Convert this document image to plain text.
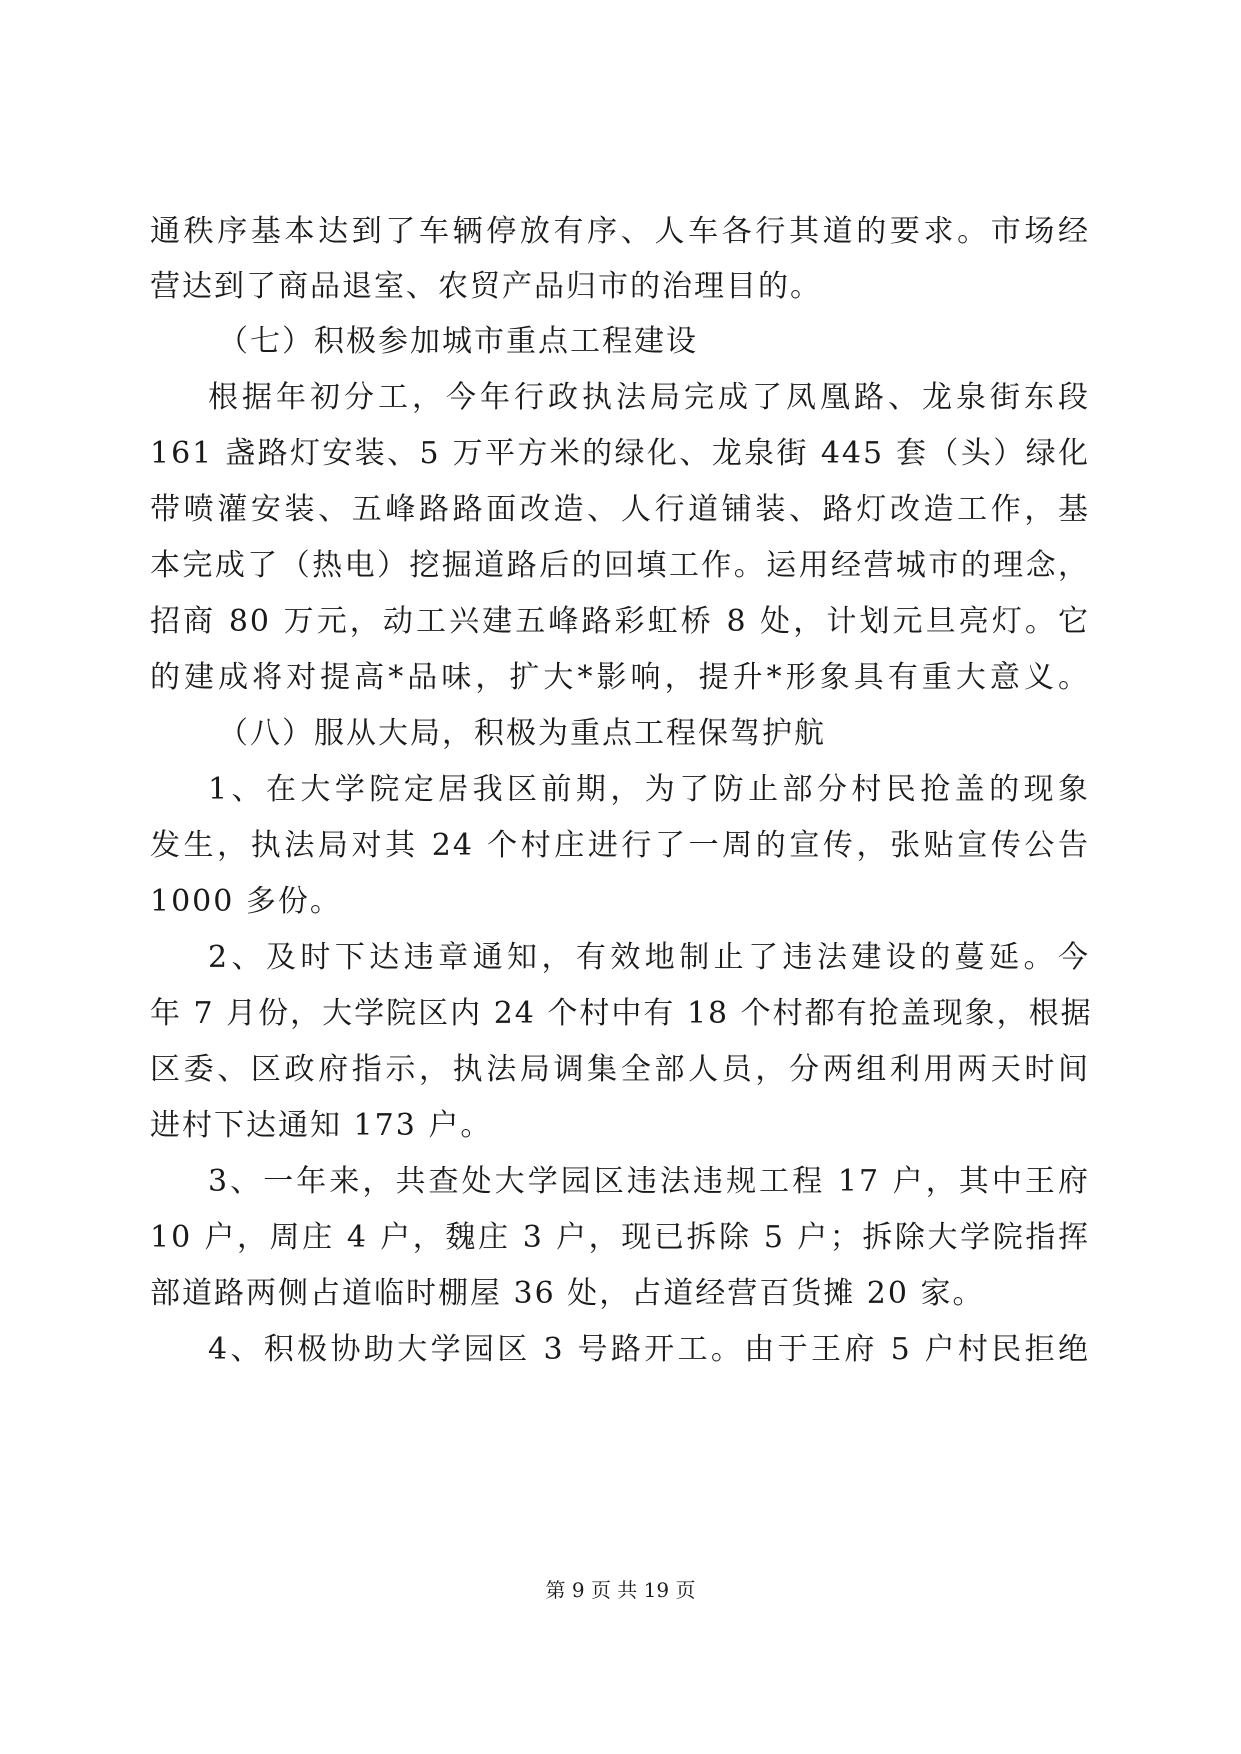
通秩序基本达到了车辆停放有序、人车各行其道的要求。市场经
营达到了商品退室、农贸产品归市的治理目的。
（七）积极参加城市重点工程建设
根据年初分工，今年行政执法局完成了凤凰路、龙泉街东段
161 盏路灯安装、5 万平方米的绿化、龙泉街 445 套（头）绿化
带喷灌安装、五峰路路面改造、人行道铺装、路灯改造工作，基
本完成了（热电）挖掘道路后的回填工作。运用经营城市的理念，
招商 80 万元，动工兴建五峰路彩虹桥 8 处，计划元旦亮灯。它
的建成将对提高*品味，扩大*影响，提升*形象具有重大意义。
（八）服从大局，积极为重点工程保驾护航
1、在大学院定居我区前期，为了防止部分村民抢盖的现象
发生，执法局对其 24 个村庄进行了一周的宣传，张贴宣传公告
1000 多份。
2、及时下达违章通知，有效地制止了违法建设的蔓延。今
年 7 月份，大学院区内 24 个村中有 18 个村都有抢盖现象，根据
区委、区政府指示，执法局调集全部人员，分两组利用两天时间
进村下达通知 173 户。
3、一年来，共查处大学园区违法违规工程 17 户，其中王府
10 户，周庄 4 户，魏庄 3 户，现已拆除 5 户；拆除大学院指挥
部道路两侧占道临时棚屋 36 处，占道经营百货摊 20 家。
4、积极协助大学园区 3 号路开工。由于王府 5 户村民拒绝
第 9 页 共 19 页
